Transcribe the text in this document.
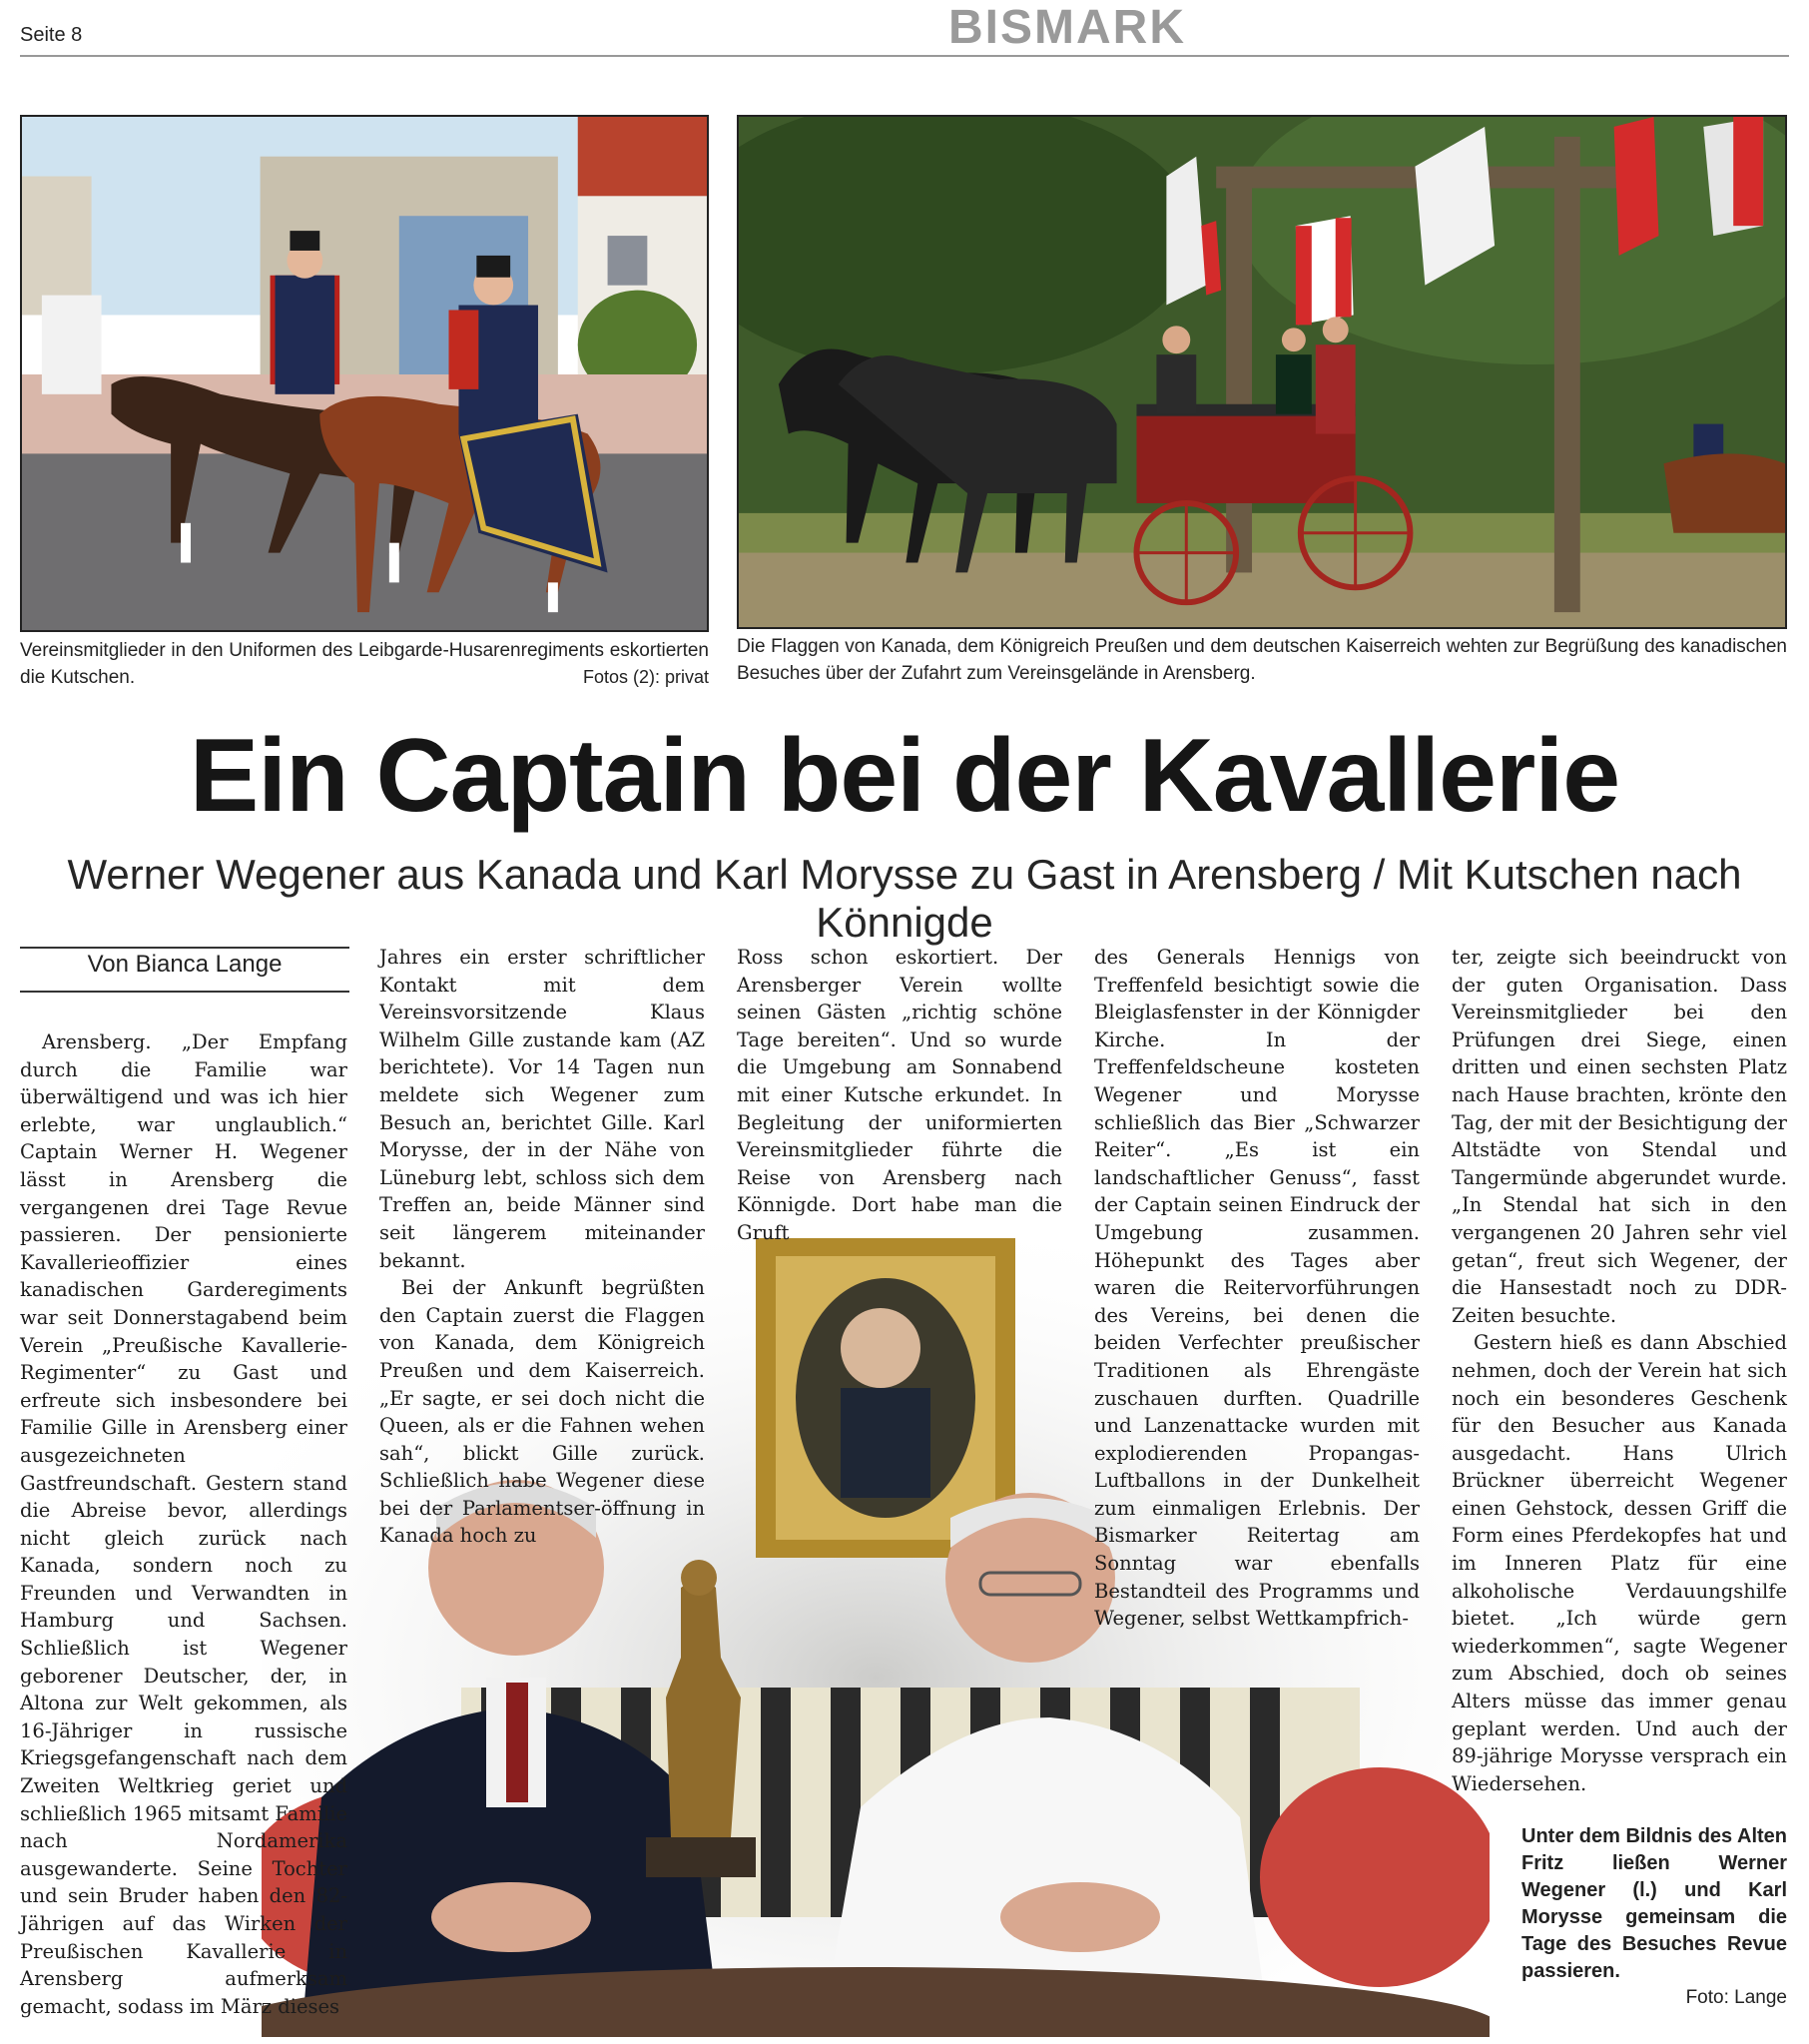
Seite 8	BISMARK
Vereinsmitglieder in den Uniformen des Leibgarde-Husarenregiments eskortierten die Kutschen.	Fotos (2): privat
Die Flaggen von Kanada, dem Königreich Preußen und dem deutschen Kaiserreich wehten zur Begrüßung des kanadischen Besuches über der Zufahrt zum Vereinsgelände in Arensberg.
Ein Captain bei der Kavallerie
Werner Wegener aus Kanada und Karl Morysse zu Gast in Arensberg / Mit Kutschen nach Könnigde
Von Bianca Lange

Arensberg. „Der Empfang durch die Familie war überwältigend und was ich hier erlebte, war unglaublich.“ Captain Werner H. Wegener lässt in Arensberg die vergangenen drei Tage Revue passieren. Der pensionierte Kavallerieoffizier eines kanadischen Garderegiments war seit Donnerstagabend beim Verein „Preußische Kavallerie-Regimenter“ zu Gast und erfreute sich insbesondere bei Familie Gille in Arensberg einer ausgezeichneten Gastfreundschaft. Gestern stand die Abreise bevor, allerdings nicht gleich zurück nach Kanada, sondern noch zu Freunden und Verwandten in Hamburg und Sachsen. Schließlich ist Wegener geborener Deutscher, der, in Altona zur Welt gekommen, als 16-Jähriger in russische Kriegsgefangenschaft nach dem Zweiten Weltkrieg geriet und schließlich 1965 mitsamt Familie nach Nordamerika ausgewanderte. Seine Tochter und sein Bruder haben den 82-Jährigen auf das Wirken der Preußischen Kavallerie in Arensberg aufmerksam gemacht, sodass im März dieses

Jahres ein erster schriftlicher Kontakt mit dem Vereinsvorsitzende Klaus Wilhelm Gille zustande kam (AZ berichtete). Vor 14 Tagen nun meldete sich Wegener zum Besuch an, berichtet Gille. Karl Morysse, der in der Nähe von Lüneburg lebt, schloss sich dem Treffen an, beide Männer sind seit längerem miteinander bekannt.

Bei der Ankunft begrüßten den Captain zuerst die Flaggen von Kanada, dem Königreich Preußen und dem Kaiserreich. „Er sagte, er sei doch nicht die Queen, als er die Fahnen wehen sah“, blickt Gille zurück. Schließlich habe Wegener diese bei der Parlamentser-öffnung in Kanada hoch zu

Ross schon eskortiert. Der Arensberger Verein wollte seinen Gästen „richtig schöne Tage bereiten“. Und so wurde die Umgebung am Sonnabend mit einer Kutsche erkundet. In Begleitung der uniformierten Vereinsmitglieder führte die Reise von Arensberg nach Könnigde. Dort habe man die Gruft

des Generals Hennigs von Treffenfeld besichtigt sowie die Bleiglasfenster in der Könnigder Kirche. In der Treffenfeldscheune kosteten Wegener und Morysse schließlich das Bier „Schwarzer Reiter“. „Es ist ein landschaftlicher Genuss“, fasst der Captain seinen Eindruck der Umgebung zusammen. Höhepunkt des Tages aber waren die Reitervorführungen des Vereins, bei denen die beiden Verfechter preußischer Traditionen als Ehrengäste zuschauen durften. Quadrille und Lanzenattacke wurden mit explodierenden Propangas-Luftballons in der Dunkelheit zum einmaligen Erlebnis. Der Bismarker Reitertag am Sonntag war ebenfalls Bestandteil des Programms und Wegener, selbst Wettkampfrich-

ter, zeigte sich beeindruckt von der guten Organisation. Dass Vereinsmitglieder bei den Prüfungen drei Siege, einen dritten und einen sechsten Platz nach Hause brachten, krönte den Tag, der mit der Besichtigung der Altstädte von Stendal und Tangermünde abgerundet wurde. „In Stendal hat sich in den vergangenen 20 Jahren sehr viel getan“, freut sich Wegener, der die Hansestadt noch zu DDR-Zeiten besuchte.

Gestern hieß es dann Abschied nehmen, doch der Verein hat sich noch ein besonderes Geschenk für den Besucher aus Kanada ausgedacht. Hans Ulrich Brückner überreicht Wegener einen Gehstock, dessen Griff die Form eines Pferdekopfes hat und im Inneren Platz für eine alkoholische Verdauungshilfe bietet. „Ich würde gern wiederkommen“, sagte Wegener zum Abschied, doch ob seines Alters müsse das immer genau geplant werden. Und auch der 89-jährige Morysse versprach ein Wiedersehen.

Unter dem Bildnis des Alten Fritz ließen Werner Wegener (l.) und Karl Morysse gemeinsam die Tage des Besuches Revue passieren.
Foto: Lange
